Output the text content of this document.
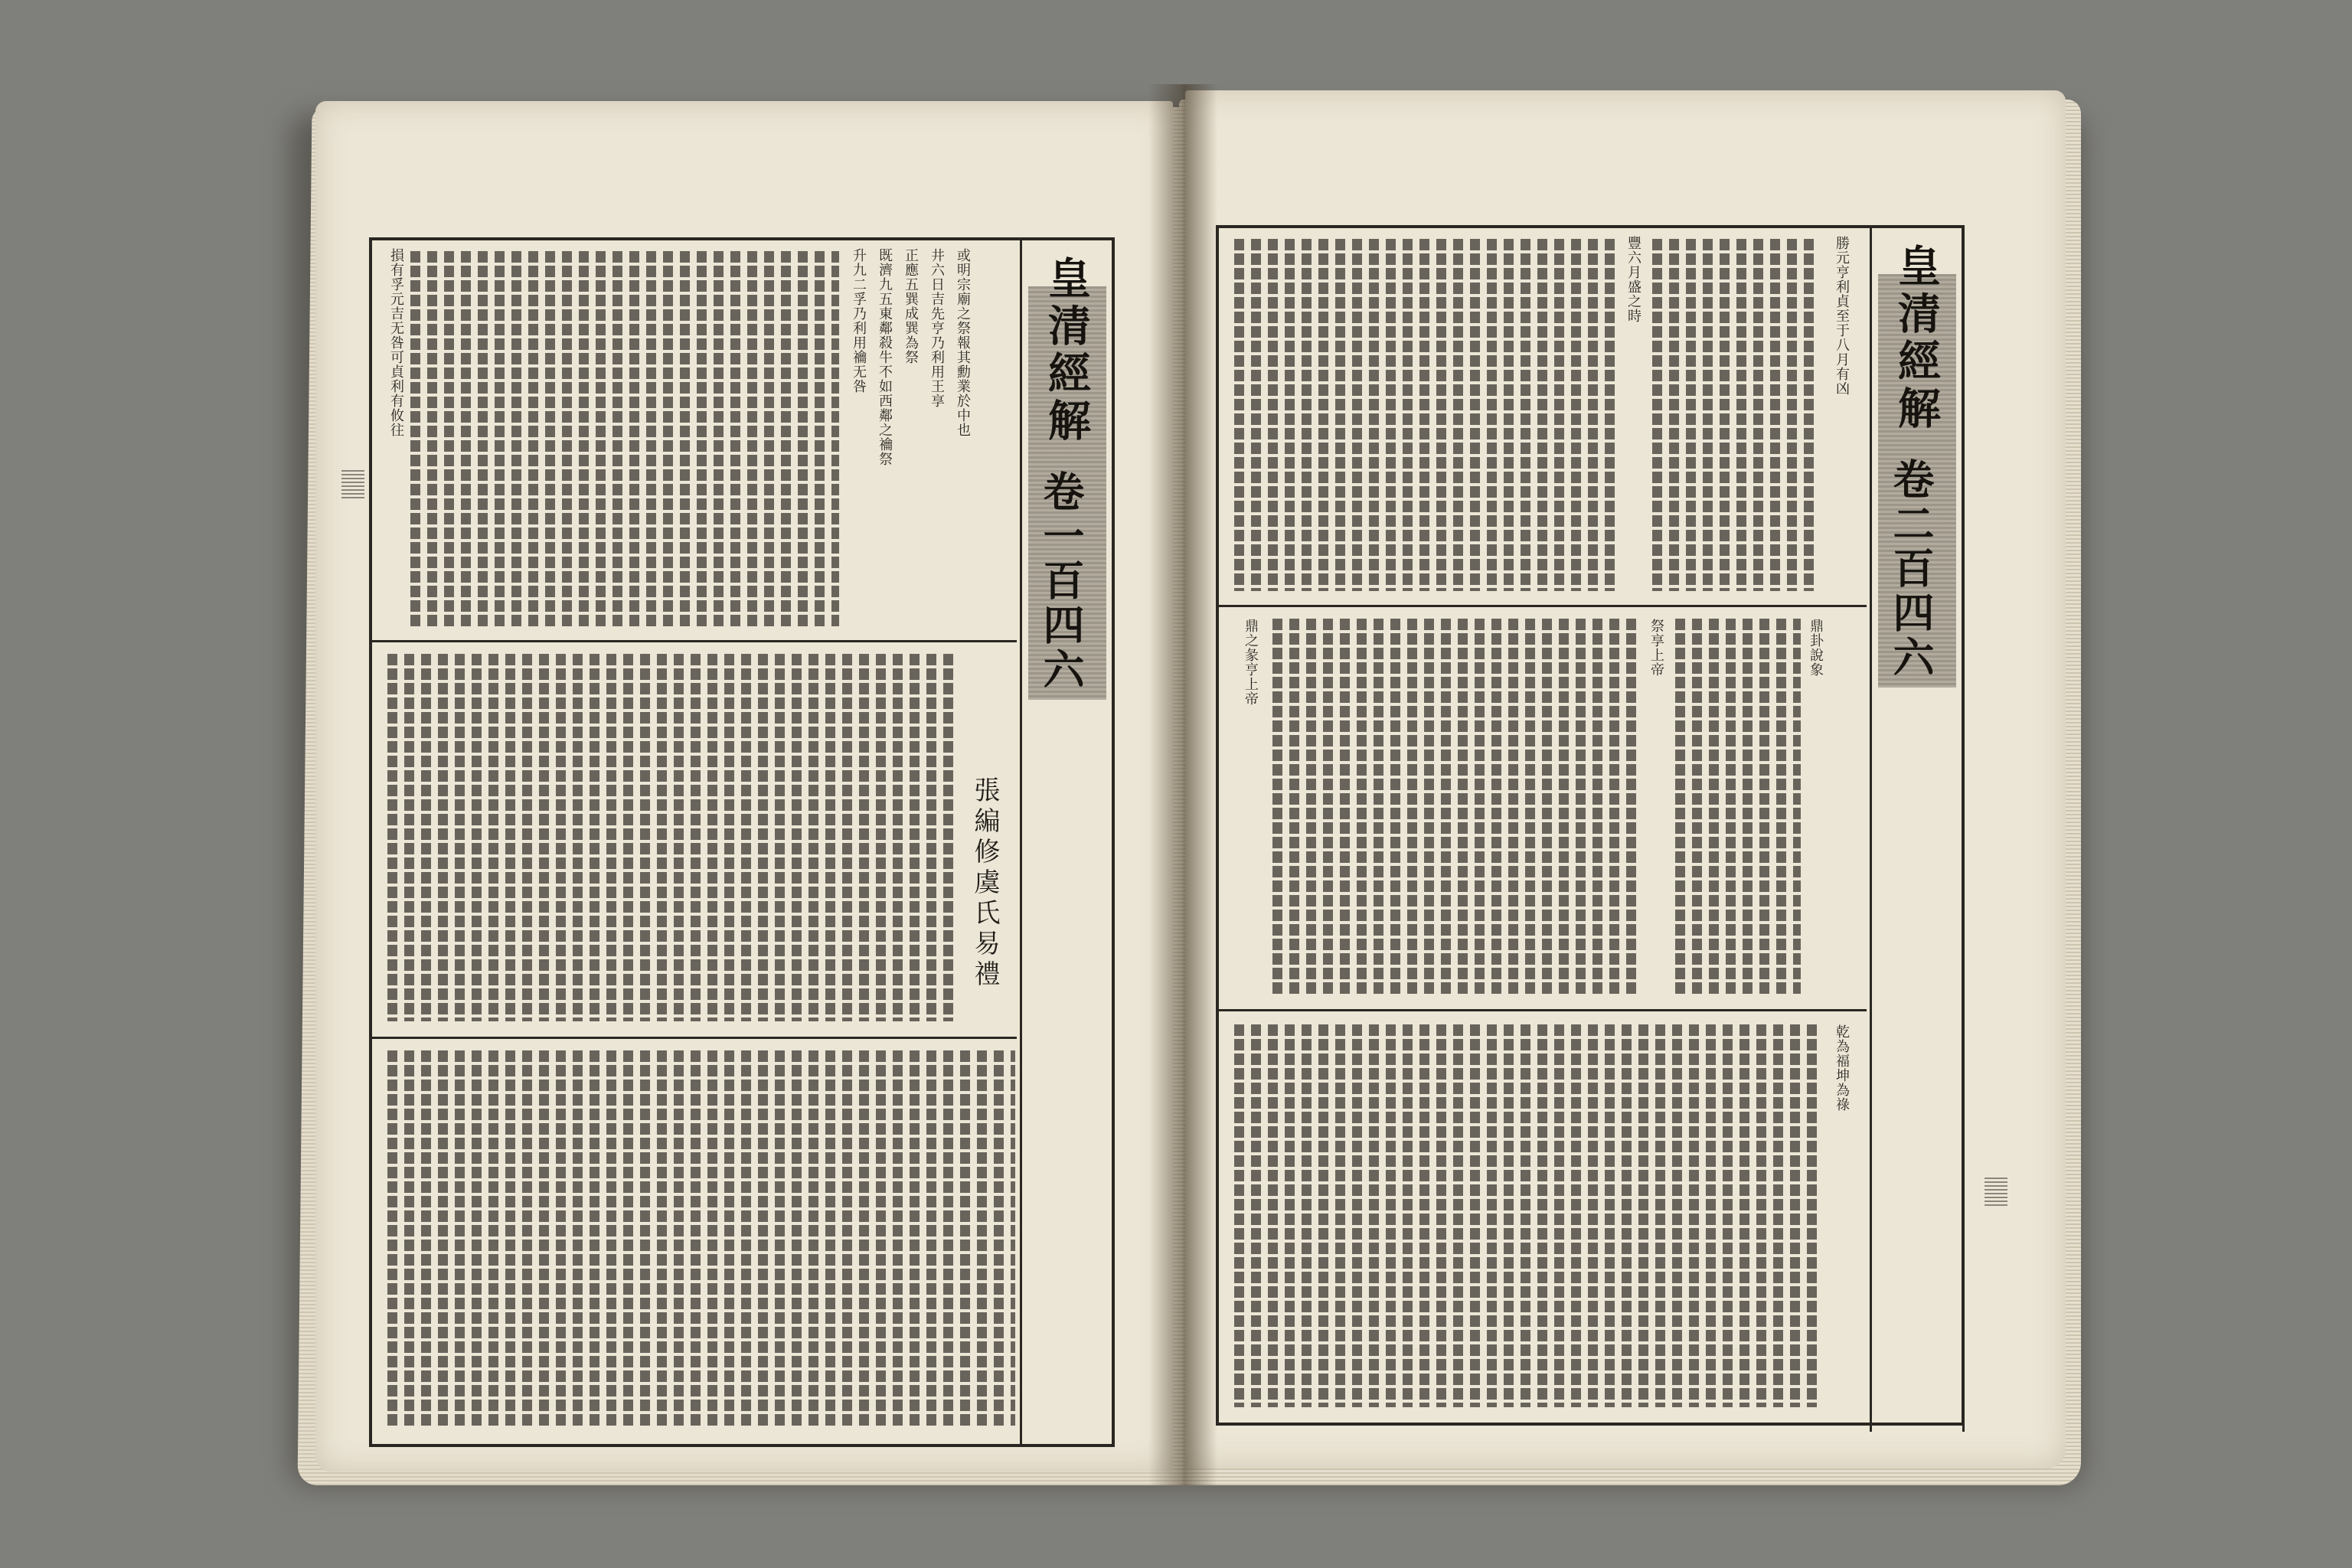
皇清經解
卷一百四六
張編修虞氏易禮
或明宗廟之祭報其勳業於中也
井六日吉先亨乃利用王享
正應五巽成巽為祭
既濟九五東鄰殺牛不如西鄰之禴祭
升九二孚乃利用禴无咎
損有孚元吉无咎可貞利有攸往	皇清經解
卷二百四六
豐六月盛之時	勝元亨利貞至于八月有凶
鼎卦說象
祭享上帝
乾為福坤為祿
鼎之彖亨上帝
